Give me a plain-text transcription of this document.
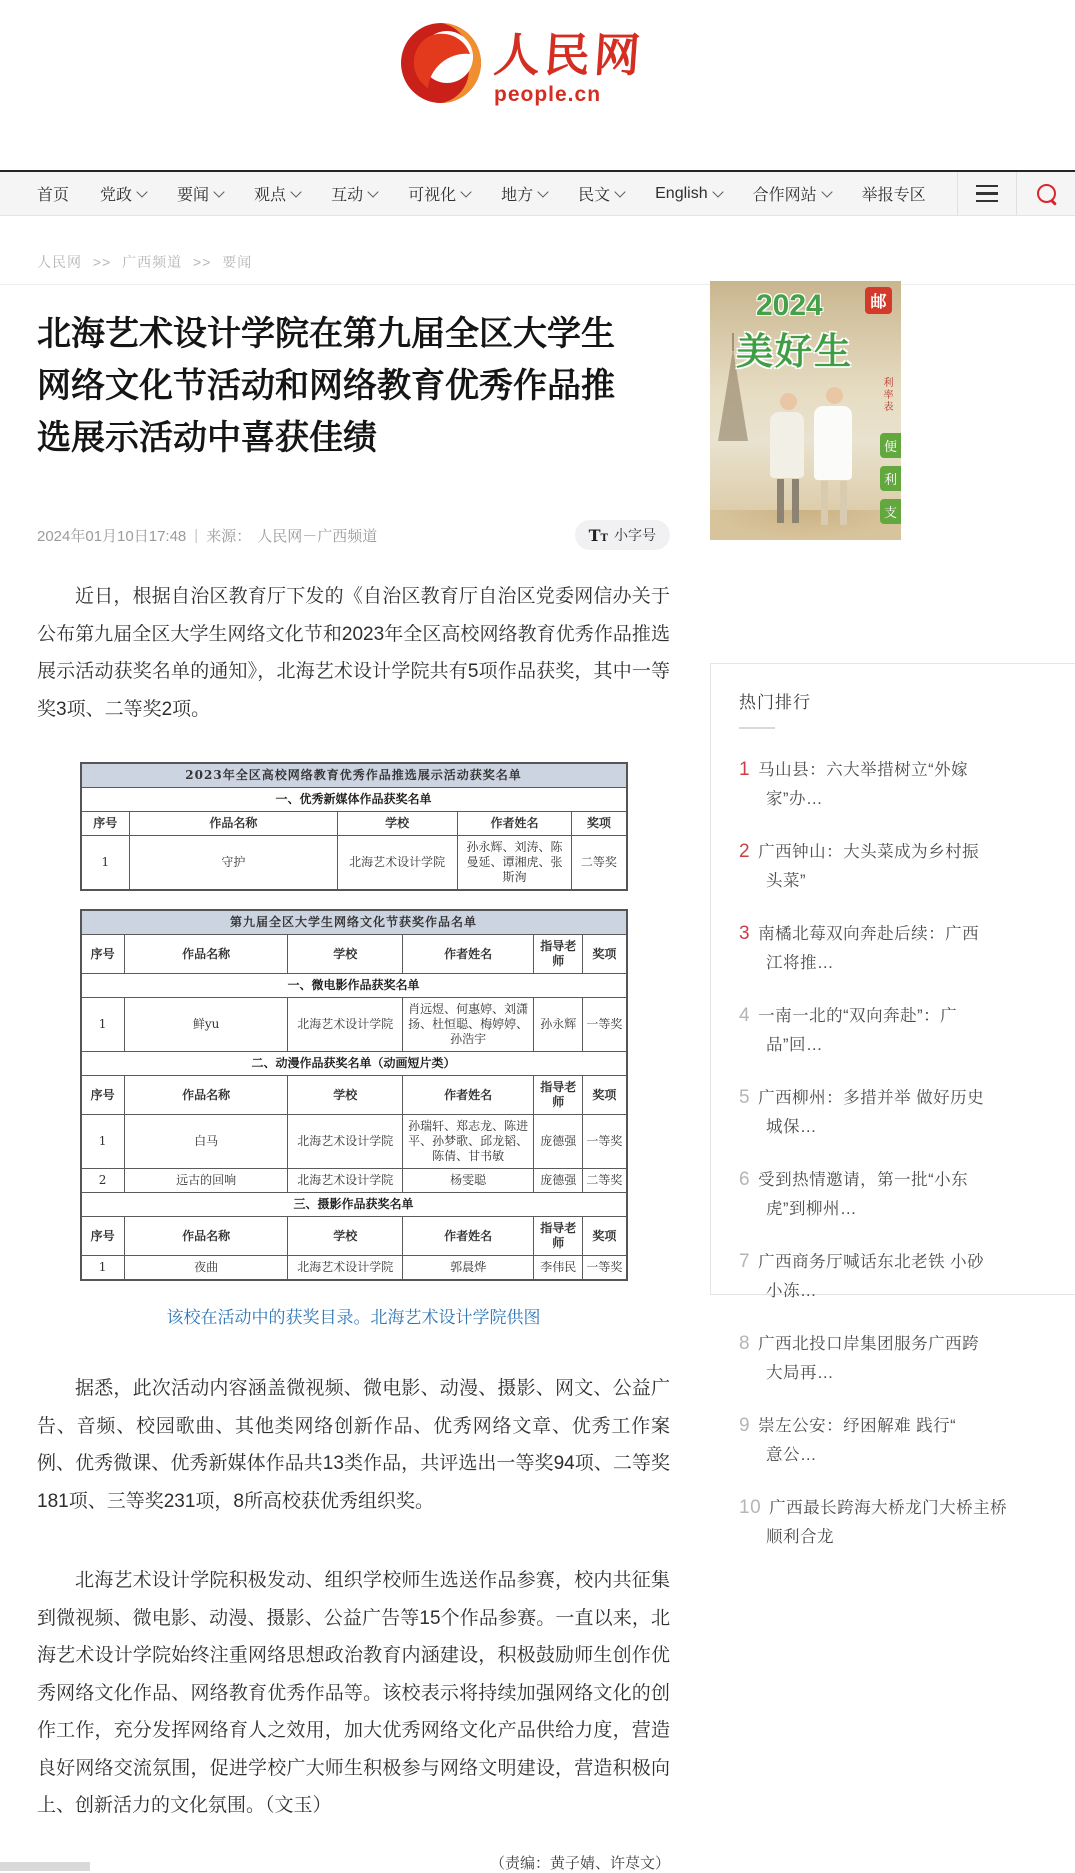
人民网
people.cn
首页 党政	要闻	观点	互动	可视化	地方	民文	English	合作网站	举报专区
人民网 >> 广西频道 >> 要闻
北海艺术设计学院在第九届全区大学生
网络文化节活动和网络教育优秀作品推
选展示活动中喜获佳绩
2024年01月10日17:48 | 来源： 人民网－广西频道	TT 小字号

近日，根据自治区教育厅下发的《自治区教育厅自治区党委网信办关于公布第九届全区大学生网络文化节和2023年全区高校网络教育优秀作品推选展示活动获奖名单的通知》，北海艺术设计学院共有5项作品获奖，其中一等奖3项、二等奖2项。

2023年全区高校网络教育优秀作品推选展示活动获奖名单				
一、优秀新媒体作品获奖名单				
序号	作品名称	学校	作者姓名	奖项
1	守护	北海艺术设计学院	孙永辉、刘涛、陈曼延、谭湘虎、张斯洵	二等奖
第九届全区大学生网络文化节获奖作品名单					
序号	作品名称	学校	作者姓名	指导老师	奖项
一、微电影作品获奖名单					
1	鲜yu	北海艺术设计学院	肖远煜、何惠婷、刘潇扬、杜恒聪、梅婷婷、孙浩宇	孙永辉	一等奖
二、动漫作品获奖名单（动画短片类）					
序号	作品名称	学校	作者姓名	指导老师	奖项
1	白马	北海艺术设计学院	孙瑞轩、郑志龙、陈进平、孙梦歌、邱龙韬、陈倩、甘书敏	庞德强	一等奖
2	远古的回响	北海艺术设计学院	杨雯聪	庞德强	二等奖
三、摄影作品获奖名单					
序号	作品名称	学校	作者姓名	指导老师	奖项
1	夜曲	北海艺术设计学院	郭晨烨	李伟民	一等奖
该校在活动中的获奖目录。北海艺术设计学院供图

据悉，此次活动内容涵盖微视频、微电影、动漫、摄影、网文、公益广告、音频、校园歌曲、其他类网络创新作品、优秀网络文章、优秀工作案例、优秀微课、优秀新媒体作品共13类作品，共评选出一等奖94项、二等奖181项、三等奖231项，8所高校获优秀组织奖。

北海艺术设计学院积极发动、组织学校师生选送作品参赛，校内共征集到微视频、微电影、动漫、摄影、公益广告等15个作品参赛。一直以来，北海艺术设计学院始终注重网络思想政治教育内涵建设，积极鼓励师生创作优秀网络文化作品、网络教育优秀作品等。该校表示将持续加强网络文化的创作工作，充分发挥网络育人之效用，加大优秀网络文化产品供给力度，营造良好网络交流氛围，促进学校广大师生积极参与网络文明建设，营造积极向上、创新活力的文化氛围。（文玉）

（责编：黄子婧、许荩文）
2024
美好生
邮
利率表
便
利
支
热门排行
1 马山县：六大举措树立“外嫁
家”办…
2 广西钟山：大头菜成为乡村振
头菜”
3 南橘北莓双向奔赴后续：广西
江将推…
4 一南一北的“双向奔赴”：广
品”回…
5 广西柳州：多措并举 做好历史
城保…
6 受到热情邀请，第一批“小东
虎”到柳州…
7 广西商务厅喊话东北老铁 小砂
小冻…
8 广西北投口岸集团服务广西跨
大局再…
9 崇左公安：纾困解难 践行“
意公…
10 广西最长跨海大桥龙门大桥主桥
顺利合龙
